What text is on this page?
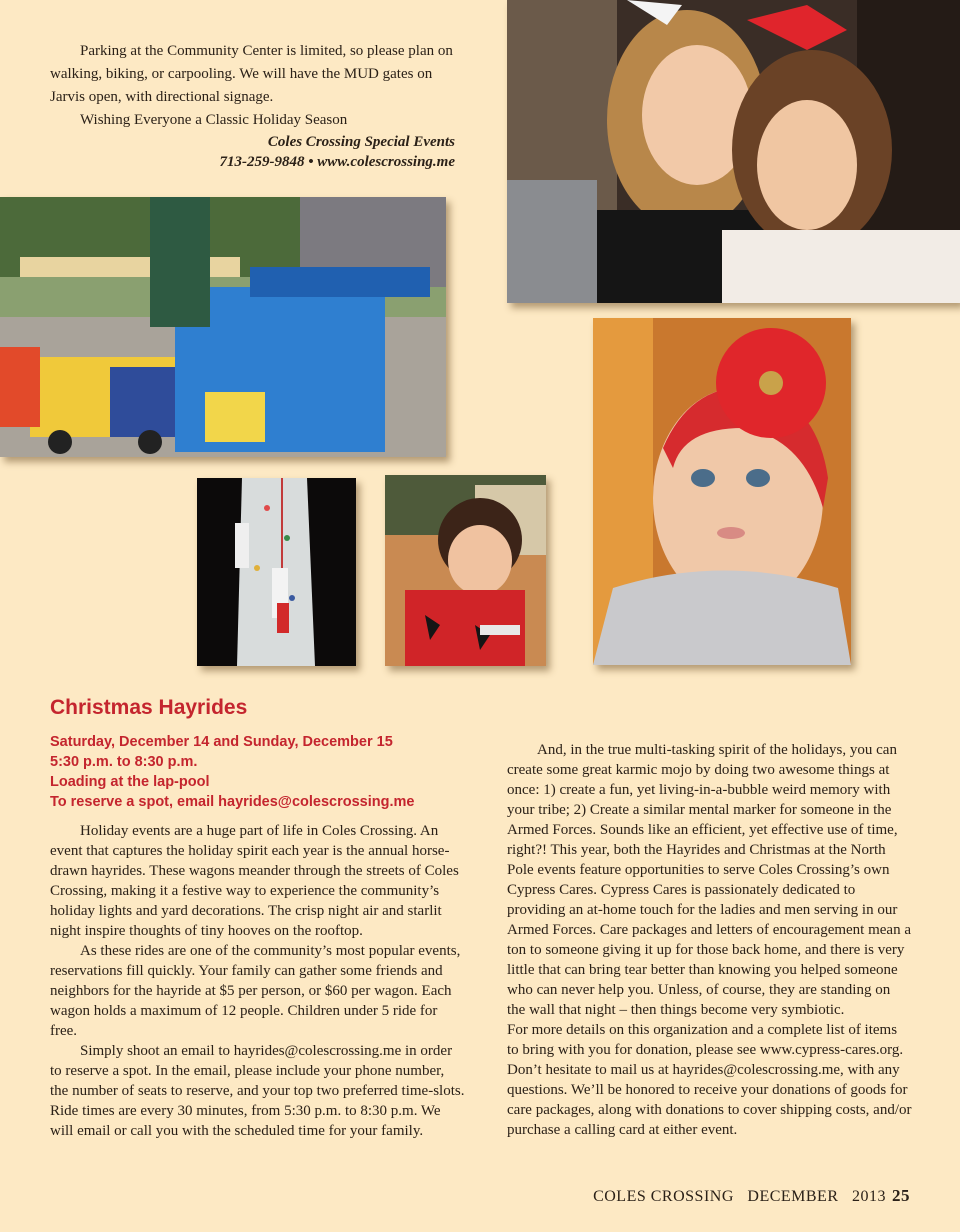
Parking at the Community Center is limited, so please plan on walking, biking, or carpooling. We will have the MUD gates on Jarvis open, with directional signage.

Wishing Everyone a Classic Holiday Season

Coles Crossing Special Events
713-259-9848 • www.colescrossing.me
Christmas Hayrides
Saturday, December 14 and Sunday, December 15
5:30 p.m. to 8:30 p.m.
Loading at the lap-pool
To reserve a spot, email hayrides@colescrossing.me

Holiday events are a huge part of life in Coles Crossing. An event that captures the holiday spirit each year is the annual horse-drawn hayrides. These wagons meander through the streets of Coles Crossing, making it a festive way to experience the community’s holiday lights and yard decorations. The crisp night air and starlit night inspire thoughts of tiny hooves on the rooftop.

As these rides are one of the community’s most popular events, reservations fill quickly. Your family can gather some friends and neighbors for the hayride at $5 per person, or $60 per wagon. Each wagon holds a maximum of 12 people. Children under 5 ride for free.

Simply shoot an email to hayrides@colescrossing.me in order to reserve a spot. In the email, please include your phone number, the number of seats to reserve, and your top two preferred time-slots. Ride times are every 30 minutes, from 5:30 p.m. to 8:30 p.m. We will email or call you with the scheduled time for your family.

And, in the true multi-tasking spirit of the holidays, you can create some great karmic mojo by doing two awesome things at once: 1) create a fun, yet living-in-a-bubble weird memory with your tribe; 2) Create a similar mental marker for someone in the Armed Forces. Sounds like an efficient, yet effective use of time, right?! This year, both the Hayrides and Christmas at the North Pole events feature opportunities to serve Coles Crossing’s own Cypress Cares. Cypress Cares is passionately dedicated to providing an at-home touch for the ladies and men serving in our Armed Forces. Care packages and letters of encouragement mean a ton to someone giving it up for those back home, and there is very little that can bring tear better than knowing you helped someone who can never help you. Unless, of course, they are standing on the wall that night – then things become very symbiotic.

For more details on this organization and a complete list of items to bring with you for donation, please see www.cypress-cares.org. Don’t hesitate to mail us at hayrides@colescrossing.me, with any questions. We’ll be honored to receive your donations of goods for care packages, along with donations to cover shipping costs, and/or purchase a calling card at either event.

COLES CROSSING   DECEMBER   2013 25
